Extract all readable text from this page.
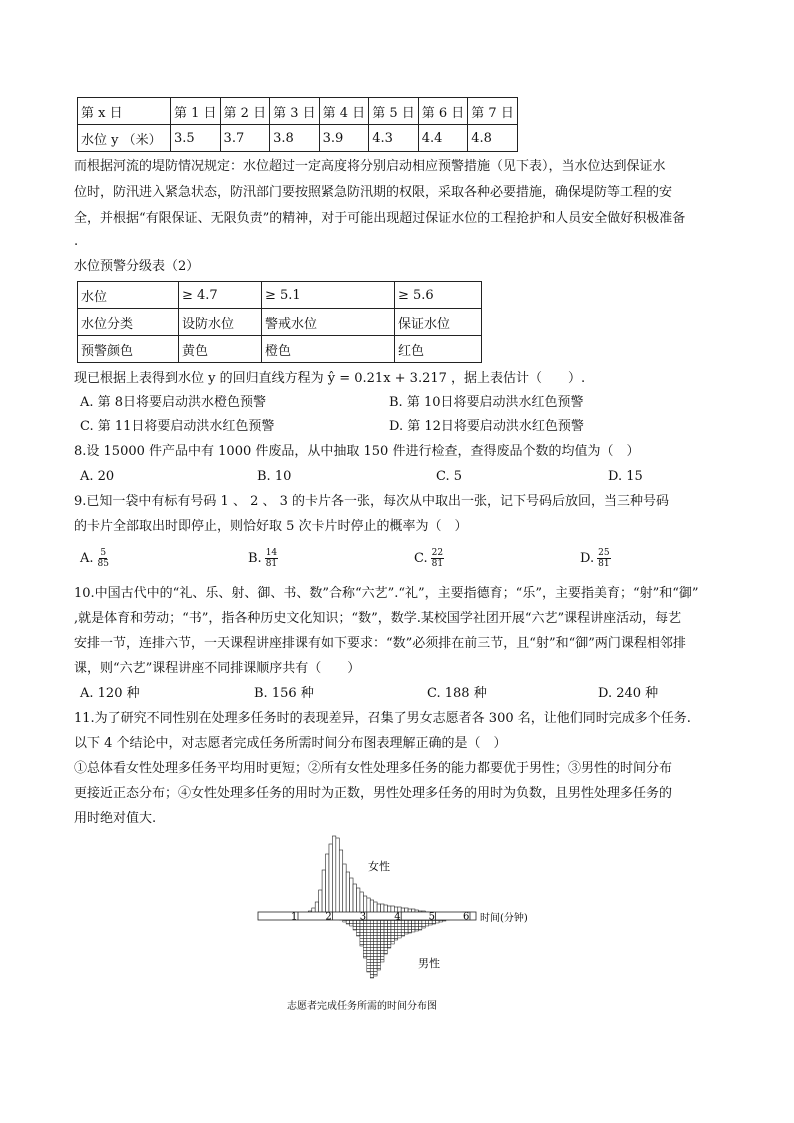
第 x 日	第 1 日	第 2 日	第 3 日	第 4 日	第 5 日	第 6 日	第 7 日
水位 y （米）	3.5	3.7	3.8	3.9	4.3	4.4	4.8
而根据河流的堤防情况规定：水位超过一定高度将分别启动相应预警措施（见下表），当水位达到保证水
位时，防汛进入紧急状态，防汛部门要按照紧急防汛期的权限，采取各种必要措施，确保堤防等工程的安
全，并根据“有限保证、无限负责”的精神，对于可能出现超过保证水位的工程抢护和人员安全做好积极准备
.
水位预警分级表（2）
水位	≥ 4.7	≥ 5.1	≥ 5.6
水位分类	设防水位	警戒水位	保证水位
预警颜色	黄色	橙色	红色
现已根据上表得到水位 y 的回归直线方程为 ŷ = 0.21x + 3.217 ，据上表估计（　　）.
A. 第 8日将要启动洪水橙色预警	B. 第 10日将要启动洪水红色预警
C. 第 11日将要启动洪水红色预警	D. 第 12日将要启动洪水红色预警
8.设 15000 件产品中有 1000 件废品，从中抽取 150 件进行检查，查得废品个数的均值为（　）
A. 20	B. 10	C. 5	D. 15
9.已知一袋中有标有号码 1 、 2 、 3 的卡片各一张，每次从中取出一张，记下号码后放回，当三种号码
的卡片全部取出时即停止，则恰好取 5 次卡片时停止的概率为（　）
A. $\frac{5}{85}$	B. $\frac{14}{81}$	C. $\frac{22}{81}$	D. $\frac{25}{81}$
10.中国古代中的“礼、乐、射、御、书、数”合称“六艺”.“礼”，主要指德育；“乐”，主要指美育；“射”和“御”
,就是体育和劳动；“书”，指各种历史文化知识；“数”，数学.某校国学社团开展“六艺”课程讲座活动，每艺
安排一节，连排六节，一天课程讲座排课有如下要求：“数”必须排在前三节，且“射”和“御”两门课程相邻排
课，则“六艺”课程讲座不同排课顺序共有（　　）
A. 120 种	B. 156 种	C. 188 种	D. 240 种
11.为了研究不同性别在处理多任务时的表现差异，召集了男女志愿者各 300 名，让他们同时完成多个任务.
以下 4 个结论中，对志愿者完成任务所需时间分布图表理解正确的是（　）
①总体看女性处理多任务平均用时更短；②所有女性处理多任务的能力都要优于男性；③男性的时间分布
更接近正态分布；④女性处理多任务的用时为正数，男性处理多任务的用时为负数，且男性处理多任务的
用时绝对值大.
1	2	3	4	5	6
女性
男性
时间(分钟)
志愿者完成任务所需的时间分布图
